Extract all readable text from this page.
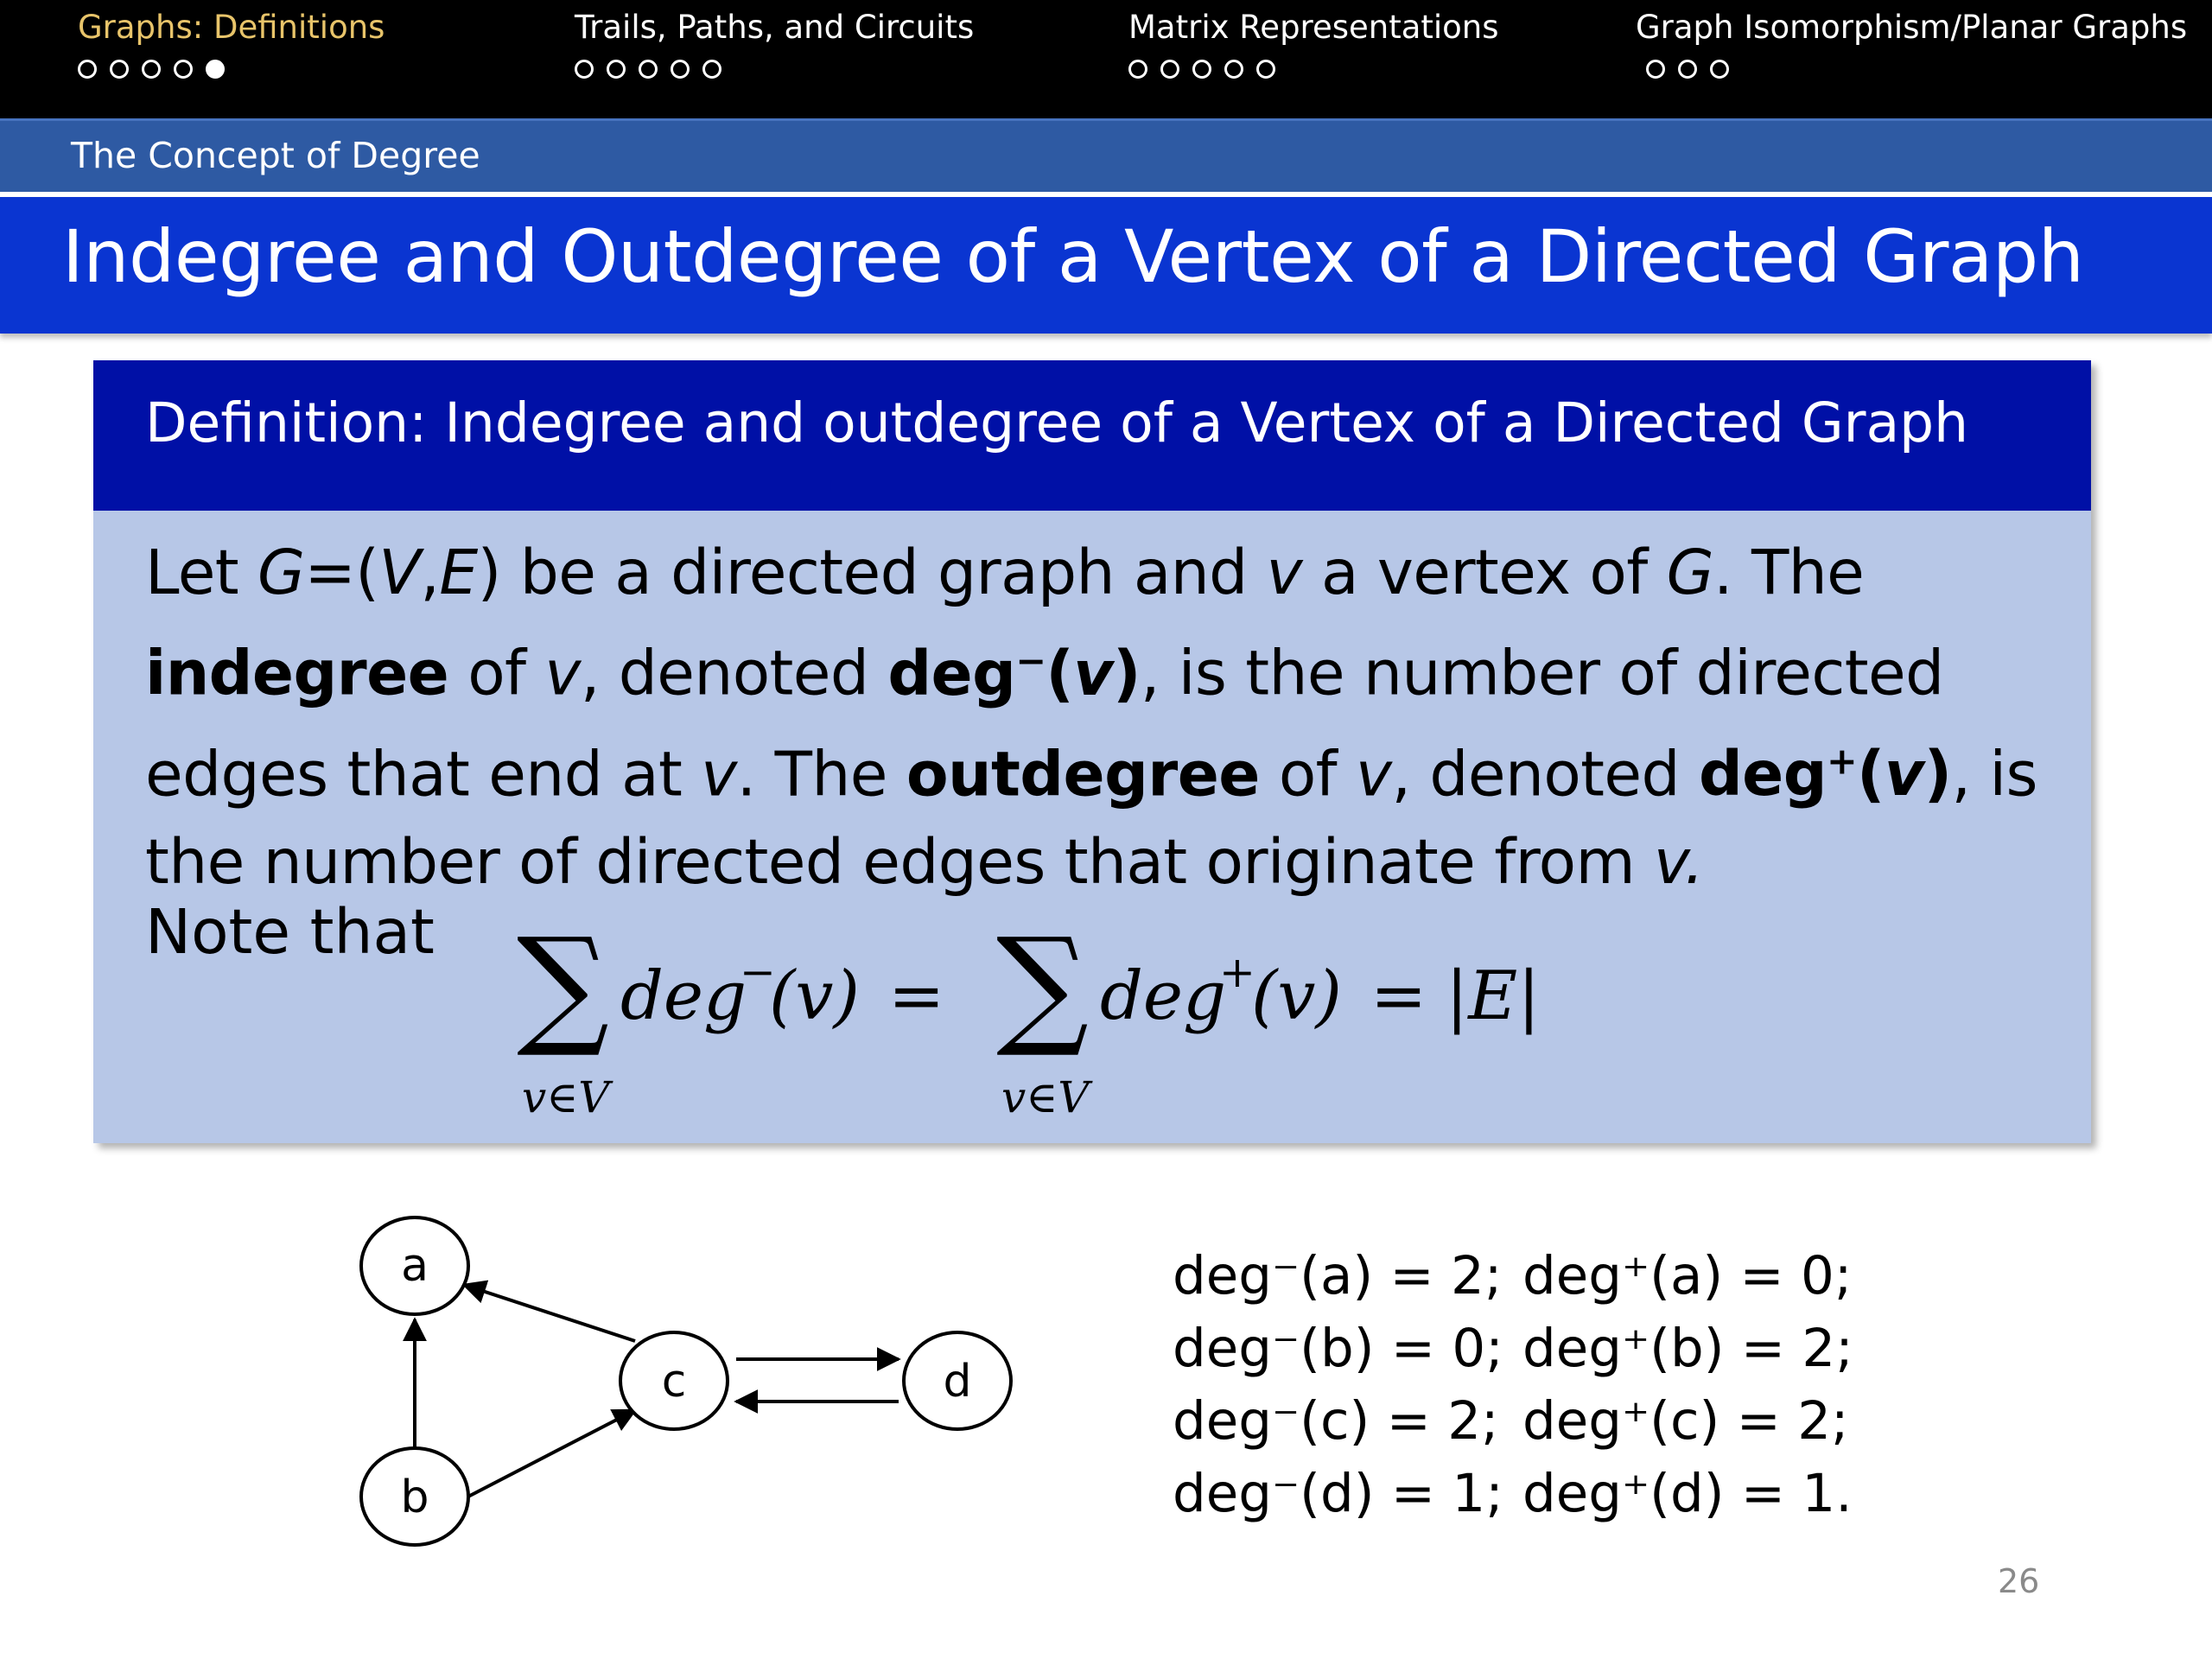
Graphs: Definitions	Trails, Paths, and Circuits	Matrix Representations	Graph Isomorphism/Planar Graphs
The Concept of Degree
Indegree and Outdegree of a Vertex of a Directed Graph
Definition: Indegree and outdegree of a Vertex of a Directed Graph
Let G=(V,E) be a directed graph and v a vertex of G. The
indegree of v, denoted deg−(v), is the number of directed
edges that end at v. The outdegree of v, denoted deg+(v), is
the number of directed edges that originate from v.
Note that ∑
v∈V
deg
−
(v) = ∑
v∈V
deg
+
(v) = |E|
a
b
c	d
deg⁻(a) = 2; deg⁺(a) = 0;
deg⁻(b) = 0; deg⁺(b) = 2;
deg⁻(c) = 2; deg⁺(c) = 2;
deg⁻(d) = 1; deg⁺(d) = 1.
26
